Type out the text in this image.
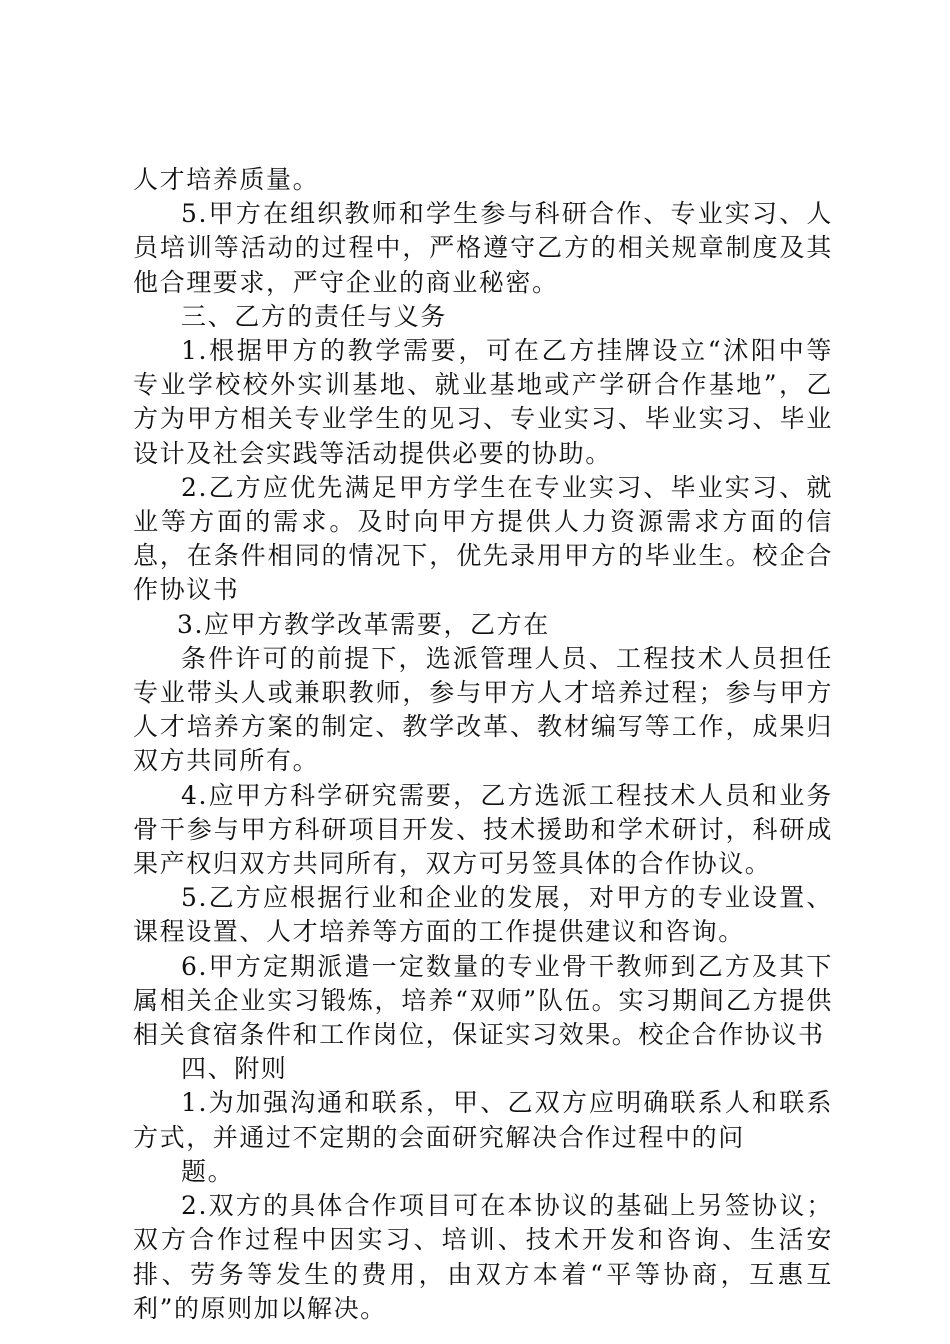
人才培养质量。

5.甲方在组织教师和学生参与科研合作、专业实习、人员培训等活动的过程中，严格遵守乙方的相关规章制度及其他合理要求，严守企业的商业秘密。

三、乙方的责任与义务

1.根据甲方的教学需要，可在乙方挂牌设立“沭阳中等专业学校校外实训基地、就业基地或产学研合作基地”，乙方为甲方相关专业学生的见习、专业实习、毕业实习、毕业设计及社会实践等活动提供必要的协助。

2.乙方应优先满足甲方学生在专业实习、毕业实习、就业等方面的需求。及时向甲方提供人力资源需求方面的信息，在条件相同的情况下，优先录用甲方的毕业生。校企合作协议书

3.应甲方教学改革需要，乙方在

条件许可的前提下，选派管理人员、工程技术人员担任专业带头人或兼职教师，参与甲方人才培养过程；参与甲方人才培养方案的制定、教学改革、教材编写等工作，成果归双方共同所有。

4.应甲方科学研究需要，乙方选派工程技术人员和业务骨干参与甲方科研项目开发、技术援助和学术研讨，科研成果产权归双方共同所有，双方可另签具体的合作协议。

5.乙方应根据行业和企业的发展，对甲方的专业设置、课程设置、人才培养等方面的工作提供建议和咨询。

6.甲方定期派遣一定数量的专业骨干教师到乙方及其下属相关企业实习锻炼，培养“双师”队伍。实习期间乙方提供相关食宿条件和工作岗位，保证实习效果。校企合作协议书

四、附则

1.为加强沟通和联系，甲、乙双方应明确联系人和联系方式，并通过不定期的会面研究解决合作过程中的问

题。

2.双方的具体合作项目可在本协议的基础上另签协议；双方合作过程中因实习、培训、技术开发和咨询、生活安排、劳务等发生的费用，由双方本着“平等协商，互惠互利”的原则加以解决。
